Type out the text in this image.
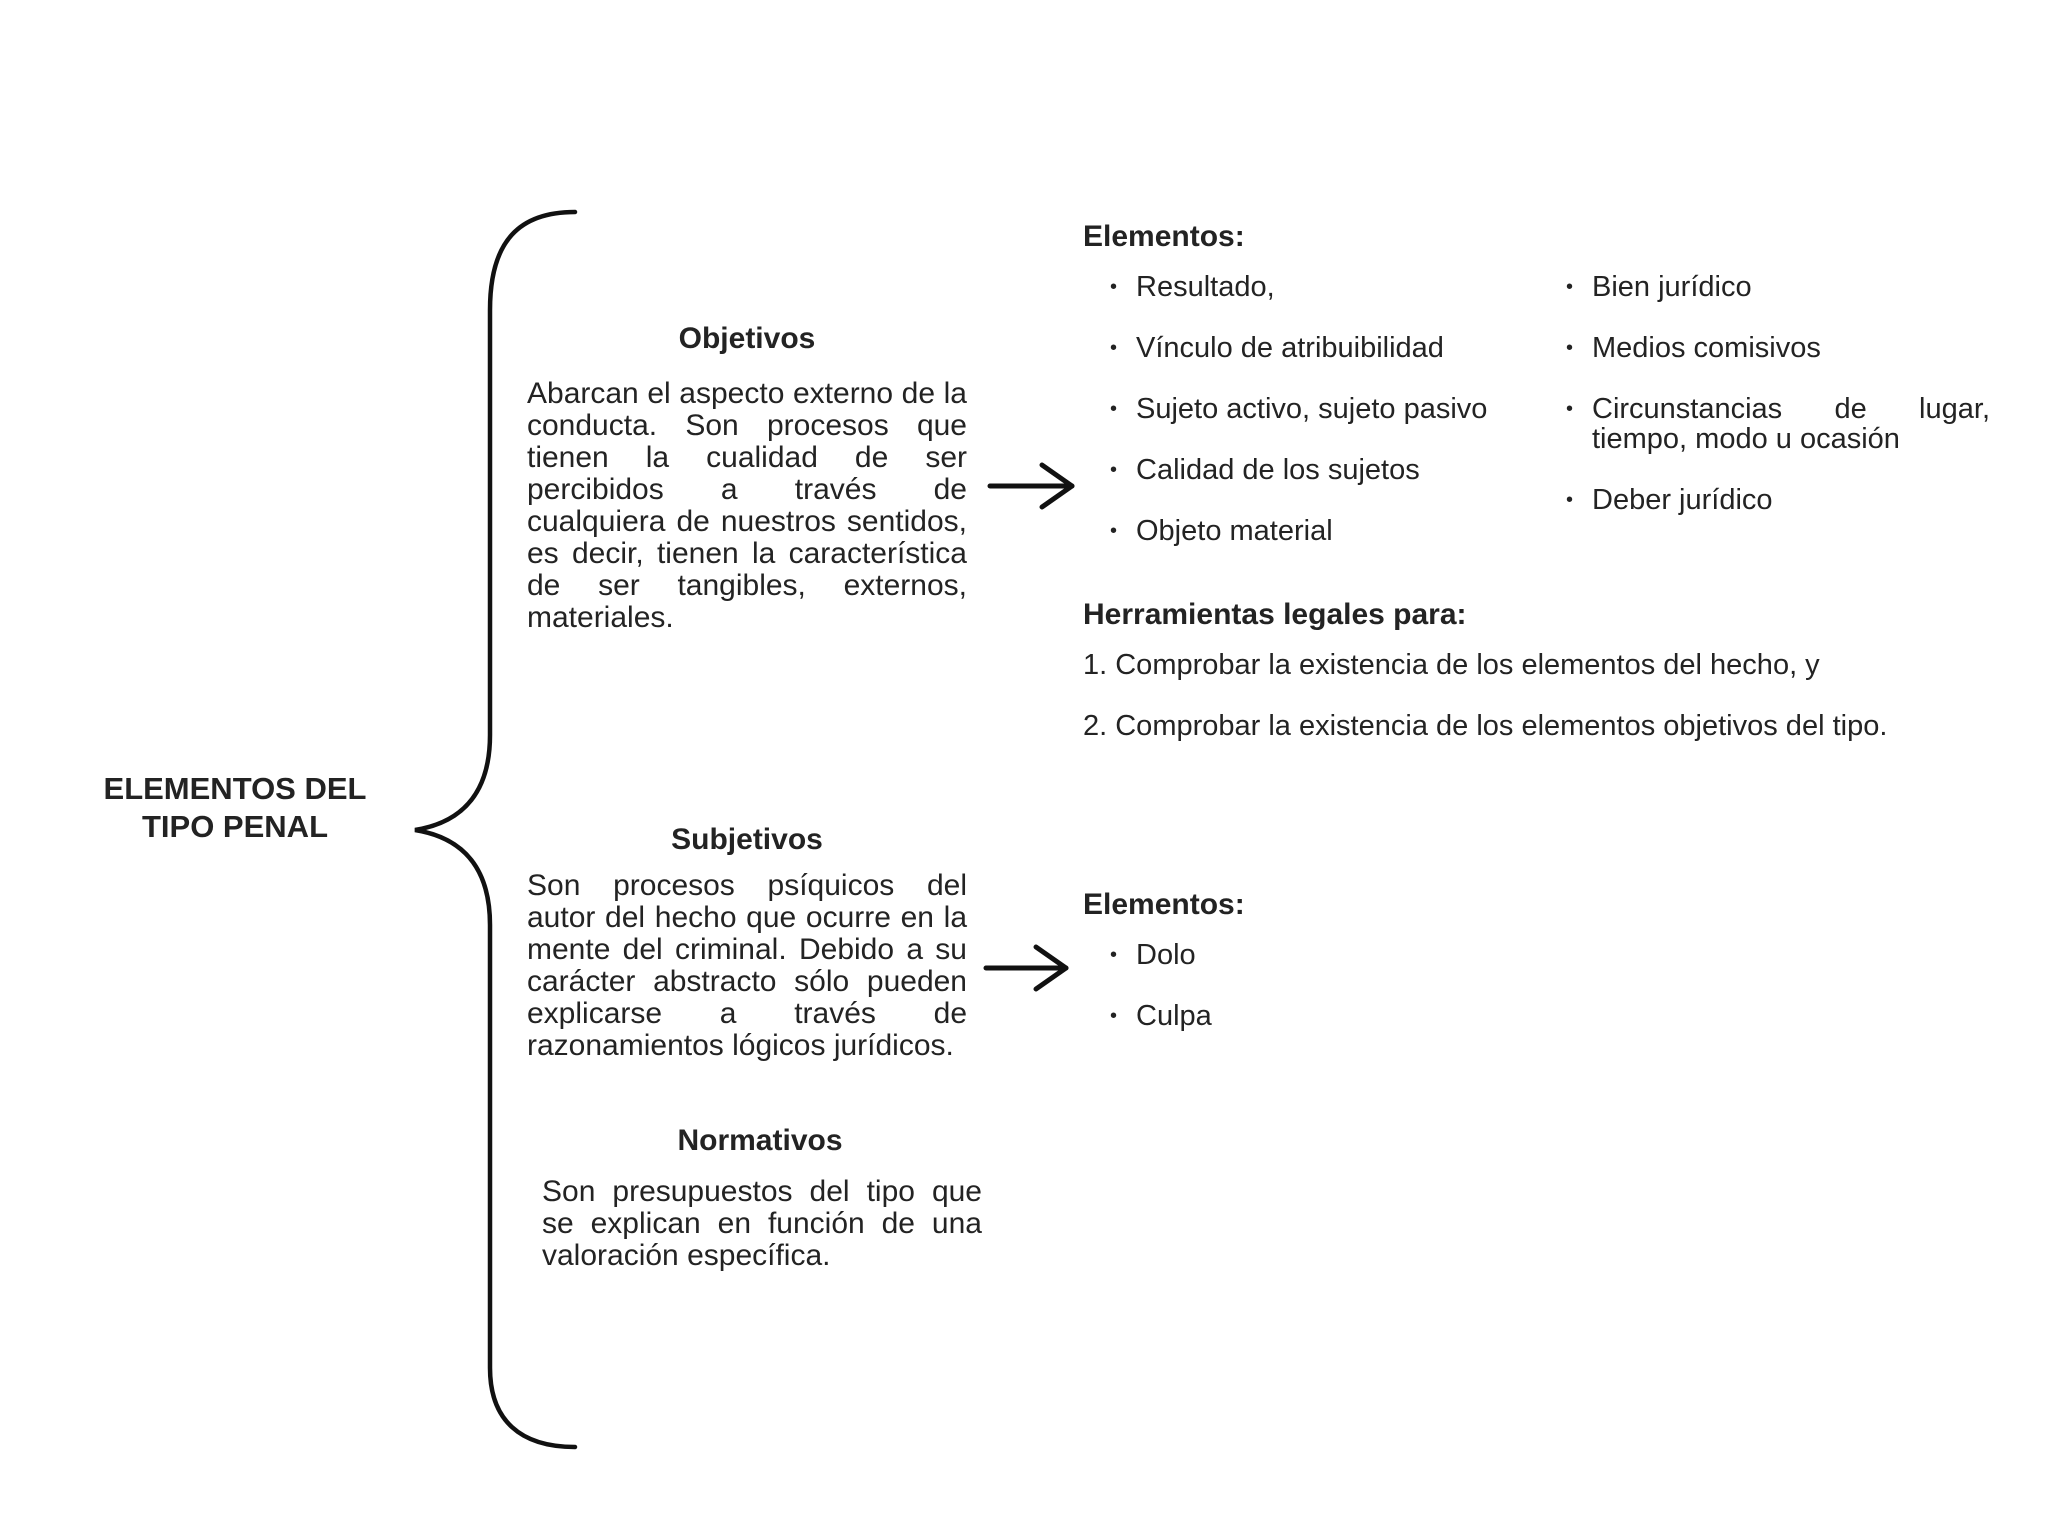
ELEMENTOS DEL TIPO PENAL
Objetivos
Abarcan el aspecto externo de la conducta. Son procesos que tienen la cualidad de ser percibidos a través de cualquiera de nuestros sentidos, es decir, tienen la característica de ser tangibles, externos, materiales.
Elementos:
• Resultado,
• Vínculo de atribuibilidad
• Sujeto activo, sujeto pasivo
• Calidad de los sujetos
• Objeto material
• Bien jurídico
• Medios comisivos
• Circunstancias de lugar, tiempo, modo u ocasión
• Deber jurídico
Herramientas legales para:
1. Comprobar la existencia de los elementos del hecho, y
2. Comprobar la existencia de los elementos objetivos del tipo.
Subjetivos
Son procesos psíquicos del autor del hecho que ocurre en la mente del criminal. Debido a su carácter abstracto sólo pueden explicarse a través de razonamientos lógicos jurídicos.
Elementos:
• Dolo
• Culpa
Normativos
Son presupuestos del tipo que se explican en función de una valoración específica.
